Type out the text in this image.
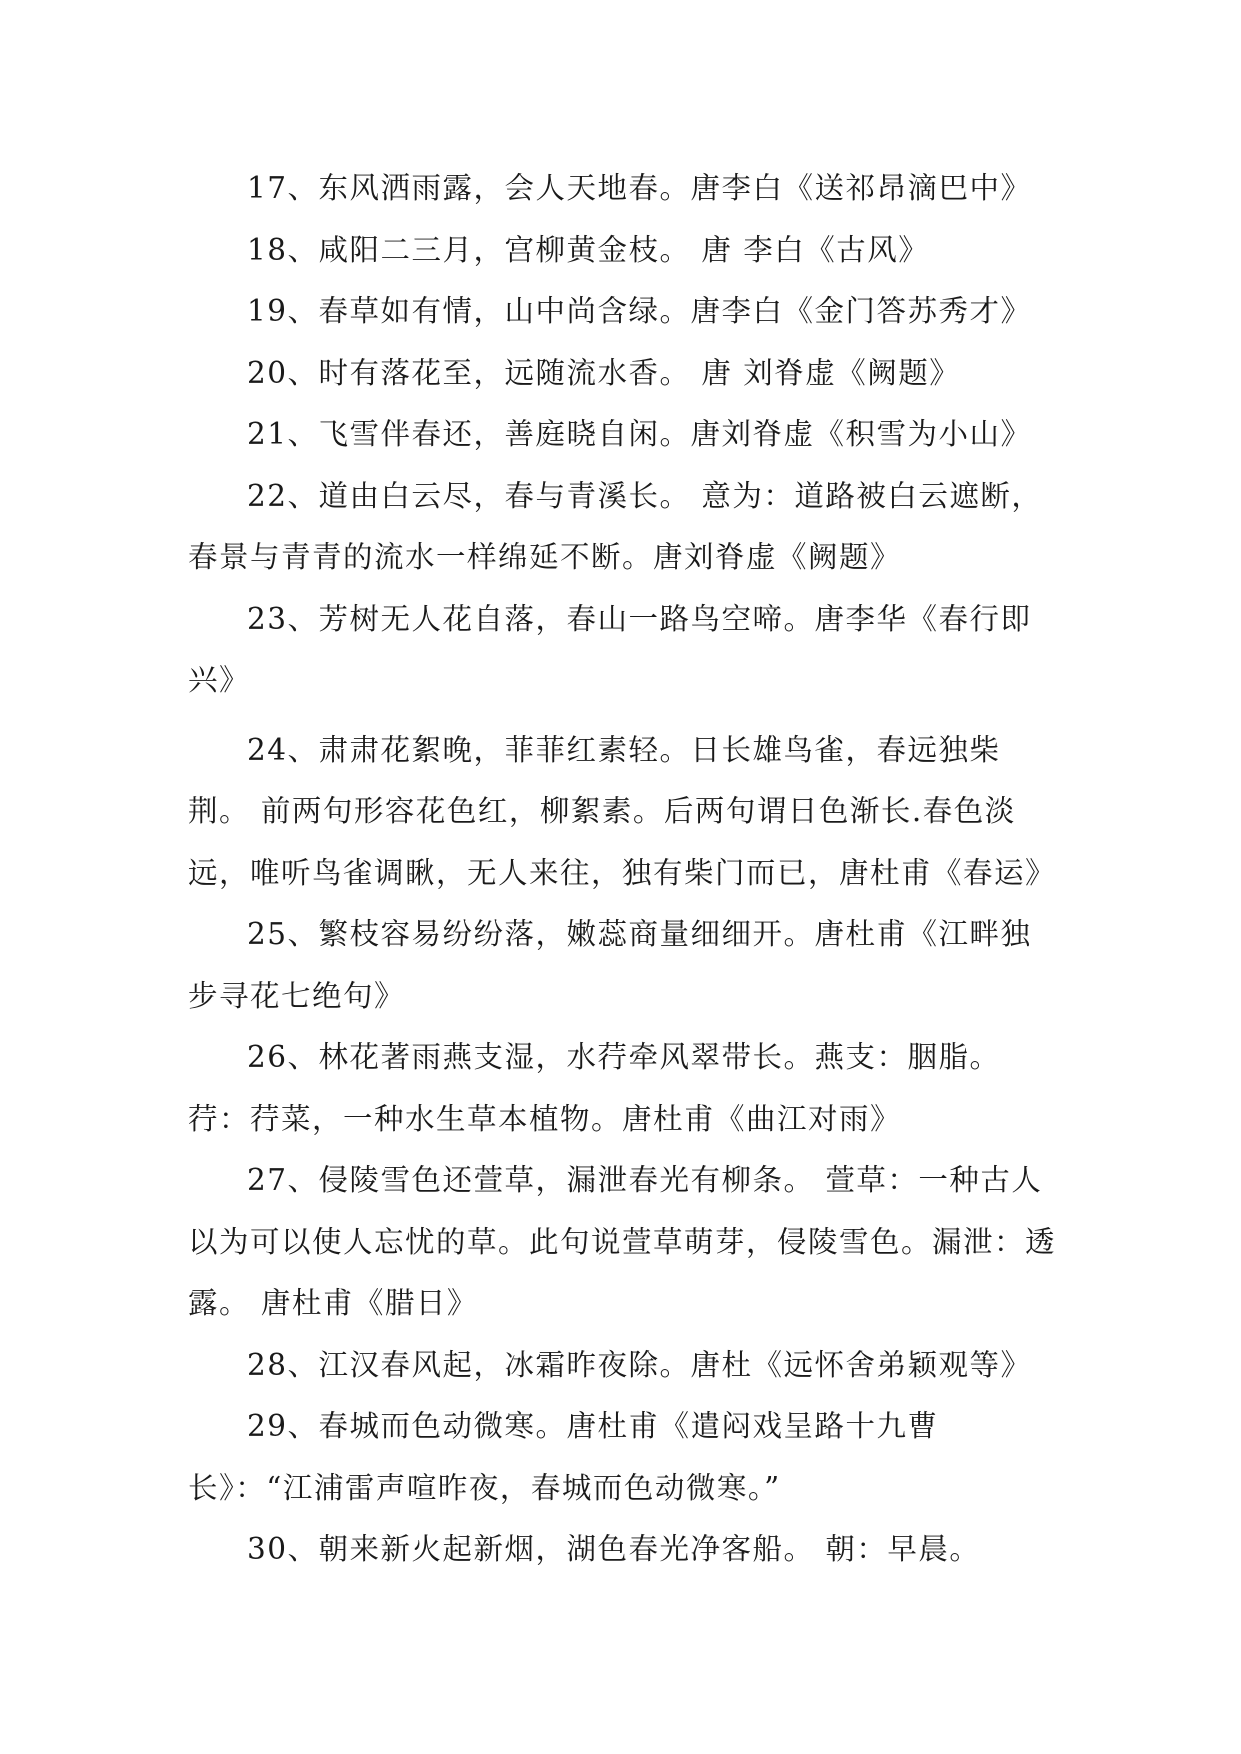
17、东风洒雨露，会人天地春。唐李白《送祁昂滴巴中》

18、咸阳二三月，宫柳黄金枝。 唐 李白《古风》

19、春草如有情，山中尚含绿。唐李白《金门答苏秀才》

20、时有落花至，远随流水香。 唐 刘脊虚《阙题》

21、飞雪伴春还，善庭晓自闲。唐刘脊虚《积雪为小山》

22、道由白云尽，春与青溪长。 意为：道路被白云遮断，春景与青青的流水一样绵延不断。唐刘脊虚《阙题》

23、芳树无人花自落，春山一路鸟空啼。唐李华《春行即兴》

24、肃肃花絮晚，菲菲红素轻。日长雄鸟雀，春远独柴荆。 前两句形容花色红，柳絮素。后两句谓日色渐长.春色淡远，唯听鸟雀调瞅，无人来往，独有柴门而已，唐杜甫《春运》

25、繁枝容易纷纷落，嫩蕊商量细细开。唐杜甫《江畔独步寻花七绝句》

26、林花著雨燕支湿，水荇牵风翠带长。燕支：胭脂。荇：荇菜，一种水生草本植物。唐杜甫《曲江对雨》

27、侵陵雪色还萱草，漏泄春光有柳条。 萱草：一种古人以为可以使人忘忧的草。此句说萱草萌芽，侵陵雪色。漏泄：透露。 唐杜甫《腊日》

28、江汉春风起，冰霜昨夜除。唐杜《远怀舍弟颖观等》

29、春城而色动微寒。唐杜甫《遣闷戏呈路十九曹长》：“江浦雷声喧昨夜，春城而色动微寒。”

30、朝来新火起新烟，湖色春光净客船。 朝：早晨。
